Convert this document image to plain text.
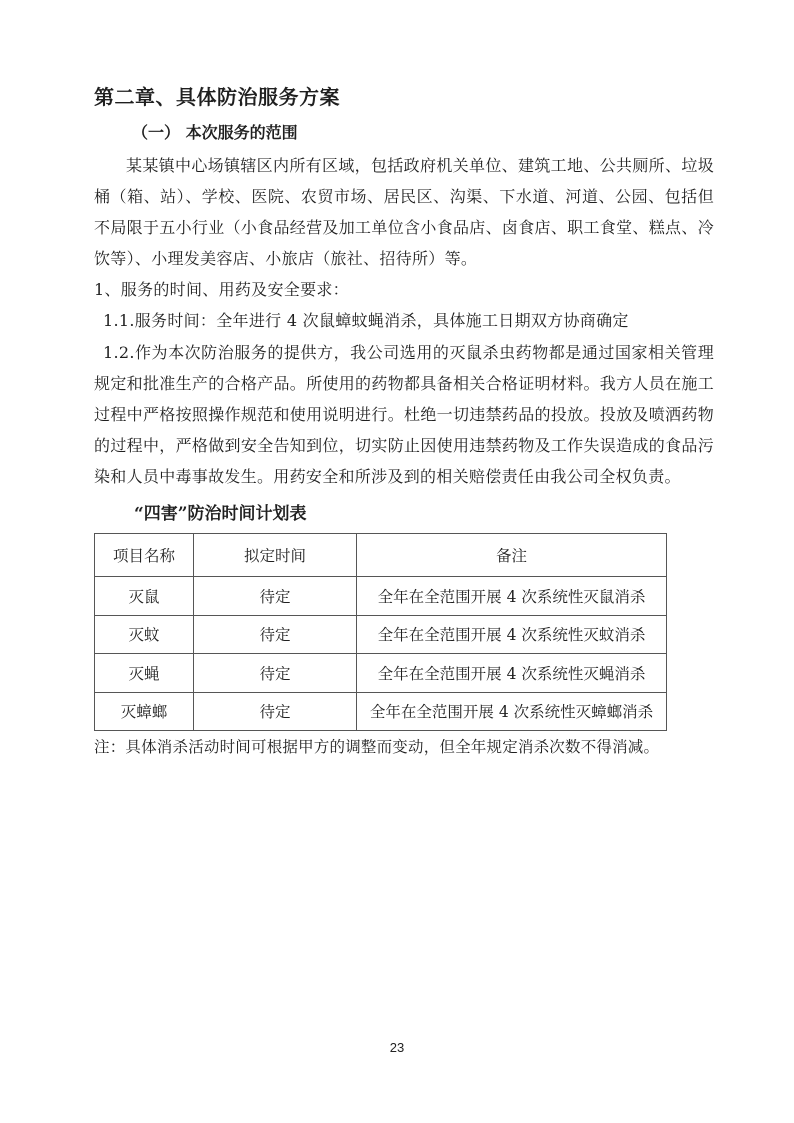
第二章、具体防治服务方案
（一） 本次服务的范围

某某镇中心场镇辖区内所有区域，包括政府机关单位、建筑工地、公共厕所、垃圾桶（箱、站）、学校、医院、农贸市场、居民区、沟渠、下水道、河道、公园、包括但不局限于五小行业（小食品经营及加工单位含小食品店、卤食店、职工食堂、糕点、冷饮等）、小理发美容店、小旅店（旅社、招待所）等。

1、服务的时间、用药及安全要求：

1.1.服务时间：全年进行 4 次鼠蟑蚊蝇消杀，具体施工日期双方协商确定

1.2.作为本次防治服务的提供方，我公司选用的灭鼠杀虫药物都是通过国家相关管理规定和批准生产的合格产品。所使用的药物都具备相关合格证明材料。我方人员在施工过程中严格按照操作规范和使用说明进行。杜绝一切违禁药品的投放。投放及喷洒药物的过程中，严格做到安全告知到位，切实防止因使用违禁药物及工作失误造成的食品污染和人员中毒事故发生。用药安全和所涉及到的相关赔偿责任由我公司全权负责。

“四害”防治时间计划表
项目名称	拟定时间	备注
灭鼠	待定	全年在全范围开展 4 次系统性灭鼠消杀
灭蚊	待定	全年在全范围开展 4 次系统性灭蚊消杀
灭蝇	待定	全年在全范围开展 4 次系统性灭蝇消杀
灭蟑螂	待定	全年在全范围开展 4 次系统性灭蟑螂消杀
注：具体消杀活动时间可根据甲方的调整而变动，但全年规定消杀次数不得消减。
23
